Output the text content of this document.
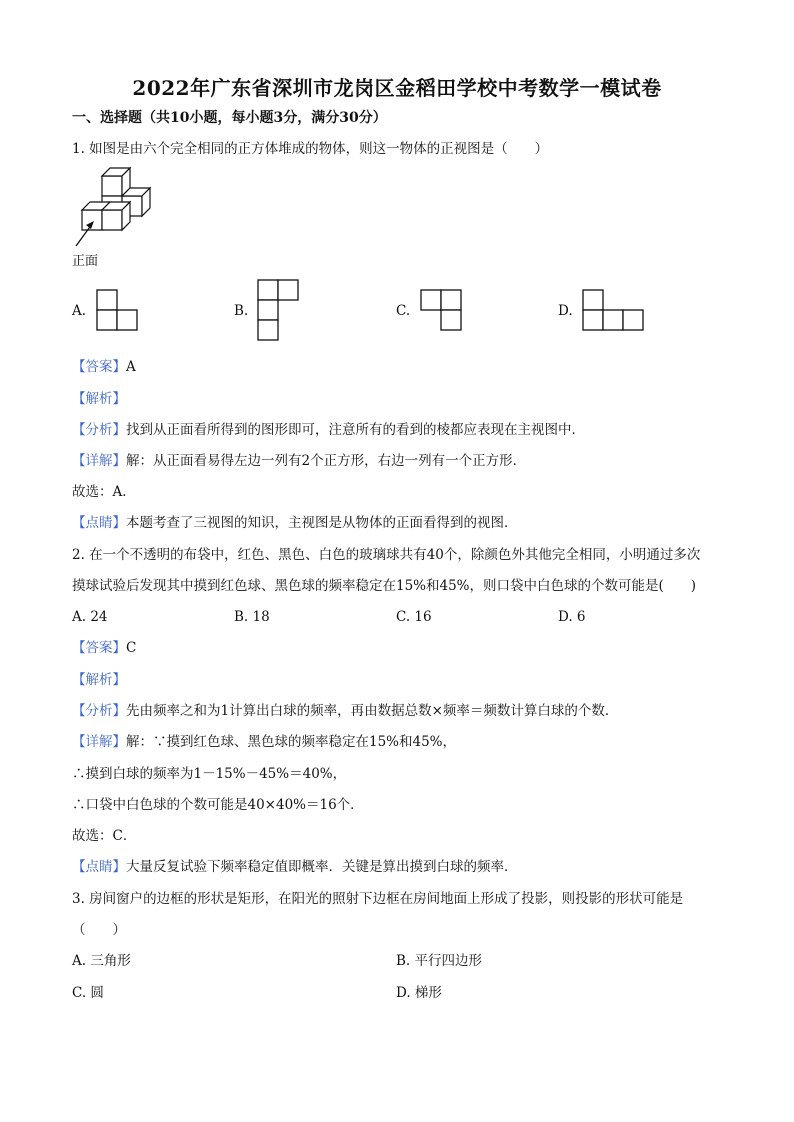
2022年广东省深圳市龙岗区金稻田学校中考数学一模试卷
一、选择题（共10小题，每小题3分，满分30分）
1. 如图是由六个完全相同的正方体堆成的物体，则这一物体的正视图是（　　）
正面
A.	B.	C.	D.
【答案】A
【解析】
【分析】找到从正面看所得到的图形即可，注意所有的看到的棱都应表现在主视图中．
【详解】解：从正面看易得左边一列有2个正方形，右边一列有一个正方形．
故选：A．
【点睛】本题考查了三视图的知识，主视图是从物体的正面看得到的视图．
2. 在一个不透明的布袋中，红色、黑色、白色的玻璃球共有40个，除颜色外其他完全相同，小明通过多次
摸球试验后发现其中摸到红色球、黑色球的频率稳定在15%和45%，则口袋中白色球的个数可能是(　　)
A. 24	B. 18	C. 16	D. 6
【答案】C
【解析】
【分析】先由频率之和为1计算出白球的频率，再由数据总数×频率＝频数计算白球的个数．
【详解】解：∵摸到红色球、黑色球的频率稳定在15%和45%，
∴摸到白球的频率为1－15%－45%＝40%，
∴口袋中白色球的个数可能是40×40%＝16个．
故选：C．
【点睛】大量反复试验下频率稳定值即概率．关键是算出摸到白球的频率．
3. 房间窗户的边框的形状是矩形，在阳光的照射下边框在房间地面上形成了投影，则投影的形状可能是
（　　）
A. 三角形	B. 平行四边形
C. 圆	D. 梯形
